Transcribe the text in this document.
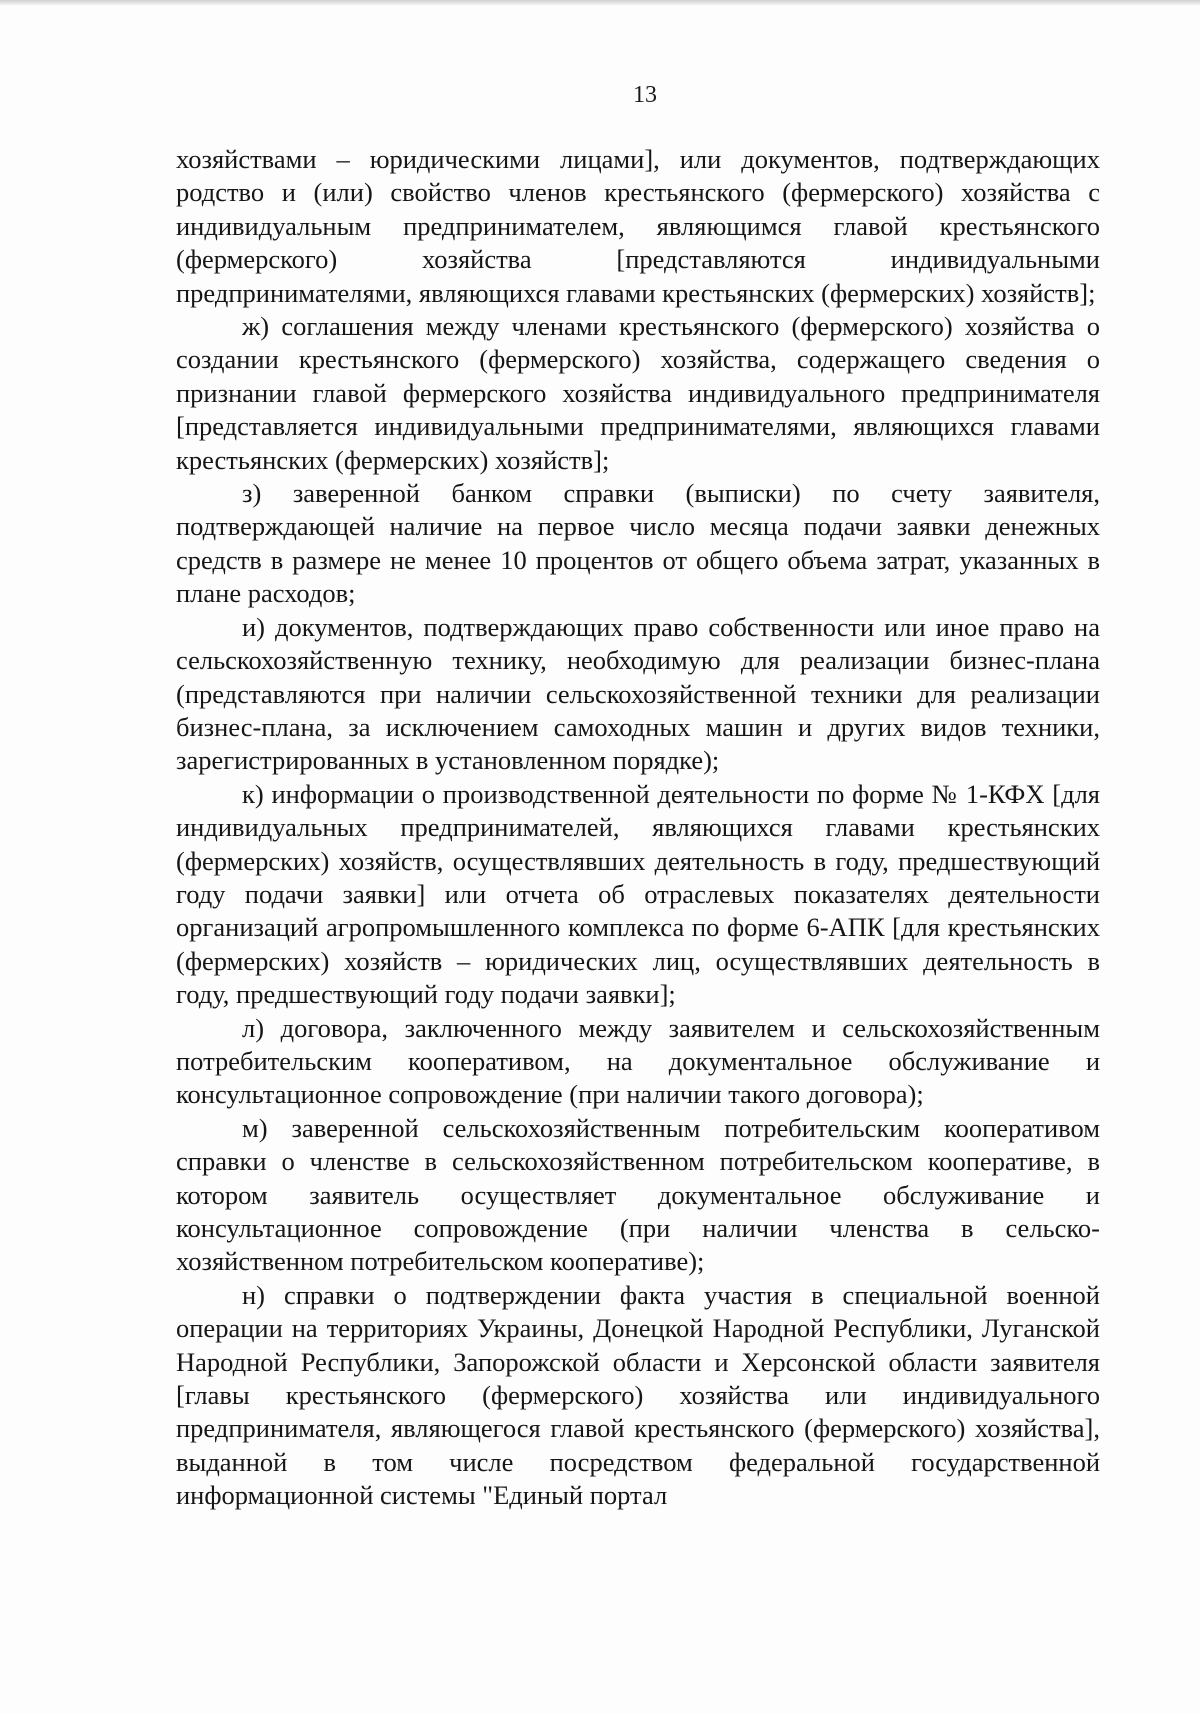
13

хозяйствами – юридическими лицами], или документов, подтверждающих родство и (или) свойство членов крестьянского (фермерского) хозяйства с индивидуальным предпринимателем, являющимся главой крестьянского (фермерского) хозяйства [представляются индивидуальными предпринимателями, являющихся главами крестьянских (фермерских) хозяйств];

ж) соглашения между членами крестьянского (фермерского) хозяйства о создании крестьянского (фермерского) хозяйства, содержащего сведения о признании главой фермерского хозяйства индивидуального предпринимателя [представляется индивидуальными предпринимателями, являющихся главами крестьянских (фермерских) хозяйств];

з) заверенной банком справки (выписки) по счету заявителя, подтверждающей наличие на первое число месяца подачи заявки денежных средств в размере не менее 10 процентов от общего объема затрат, указанных в плане расходов;

и) документов, подтверждающих право собственности или иное право на сельскохозяйственную технику, необходимую для реализации бизнес-плана (представляются при наличии сельскохозяйственной техники для реализации бизнес-плана, за исключением самоходных машин и других видов техники, зарегистрированных в установленном порядке);

к) информации о производственной деятельности по форме № 1-КФХ [для индивидуальных предпринимателей, являющихся главами крестьянских (фермерских) хозяйств, осуществлявших деятельность в году, предшествующий году подачи заявки] или отчета об отраслевых показателях деятельности организаций агропромышленного комплекса по форме 6-АПК [для крестьянских (фермерских) хозяйств – юридических лиц, осуществлявших деятельность в году, предшествующий году подачи заявки];

л) договора, заключенного между заявителем и сельскохозяйственным потребительским кооперативом, на документальное обслуживание и консультационное сопровождение (при наличии такого договора);

м) заверенной сельскохозяйственным потребительским кооперативом справки о членстве в сельскохозяйственном потребительском кооперативе, в котором заявитель осуществляет документальное обслуживание и консультационное сопровождение (при наличии членства в сельскохозяйственном потребительском кооперативе);

н) справки о подтверждении факта участия в специальной военной операции на территориях Украины, Донецкой Народной Республики, Луганской Народной Республики, Запорожской области и Херсонской области заявителя [главы крестьянского (фермерского) хозяйства или индивидуального предпринимателя, являющегося главой крестьянского (фермерского) хозяйства], выданной в том числе посредством федеральной государственной информационной системы "Единый портал
